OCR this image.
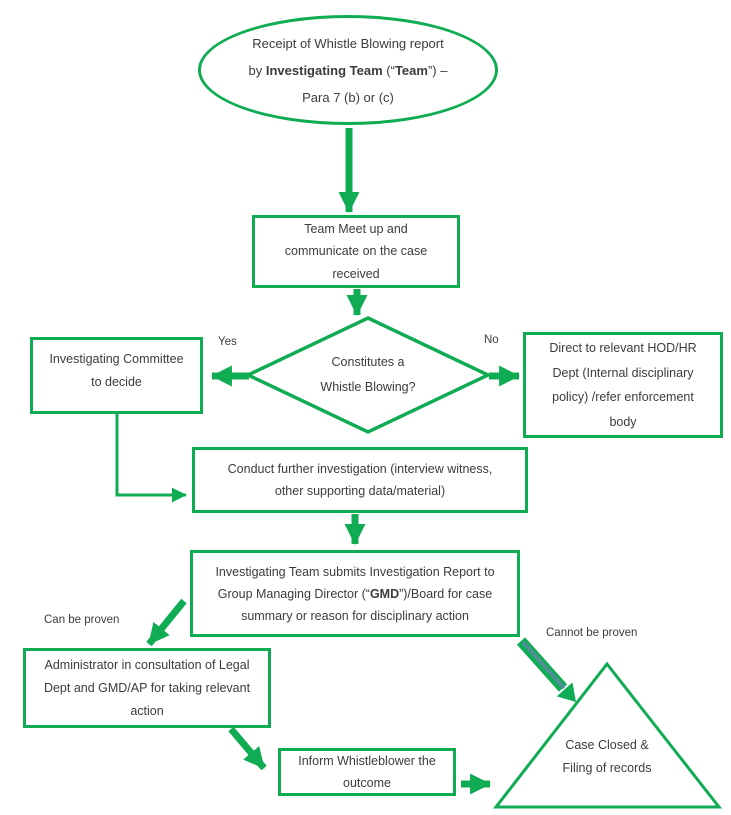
Receipt of Whistle Blowing report
by Investigating Team (“Team”) –
Para 7 (b) or (c)
Team Meet up and
communicate on the case
received
Constitutes a
Whistle Blowing?
Yes	No
Investigating Committee
to decide
Direct to relevant HOD/HR
Dept (Internal disciplinary
policy) /refer enforcement
body
Conduct further investigation (interview witness,
other supporting data/material)
Investigating Team submits Investigation Report to
Group Managing Director (“GMD”)/Board for case
summary or reason for disciplinary action
Can be proven
Cannot be proven
Administrator in consultation of Legal
Dept and GMD/AP for taking relevant
action
Inform Whistleblower the
outcome
Case Closed &
Filing of records
